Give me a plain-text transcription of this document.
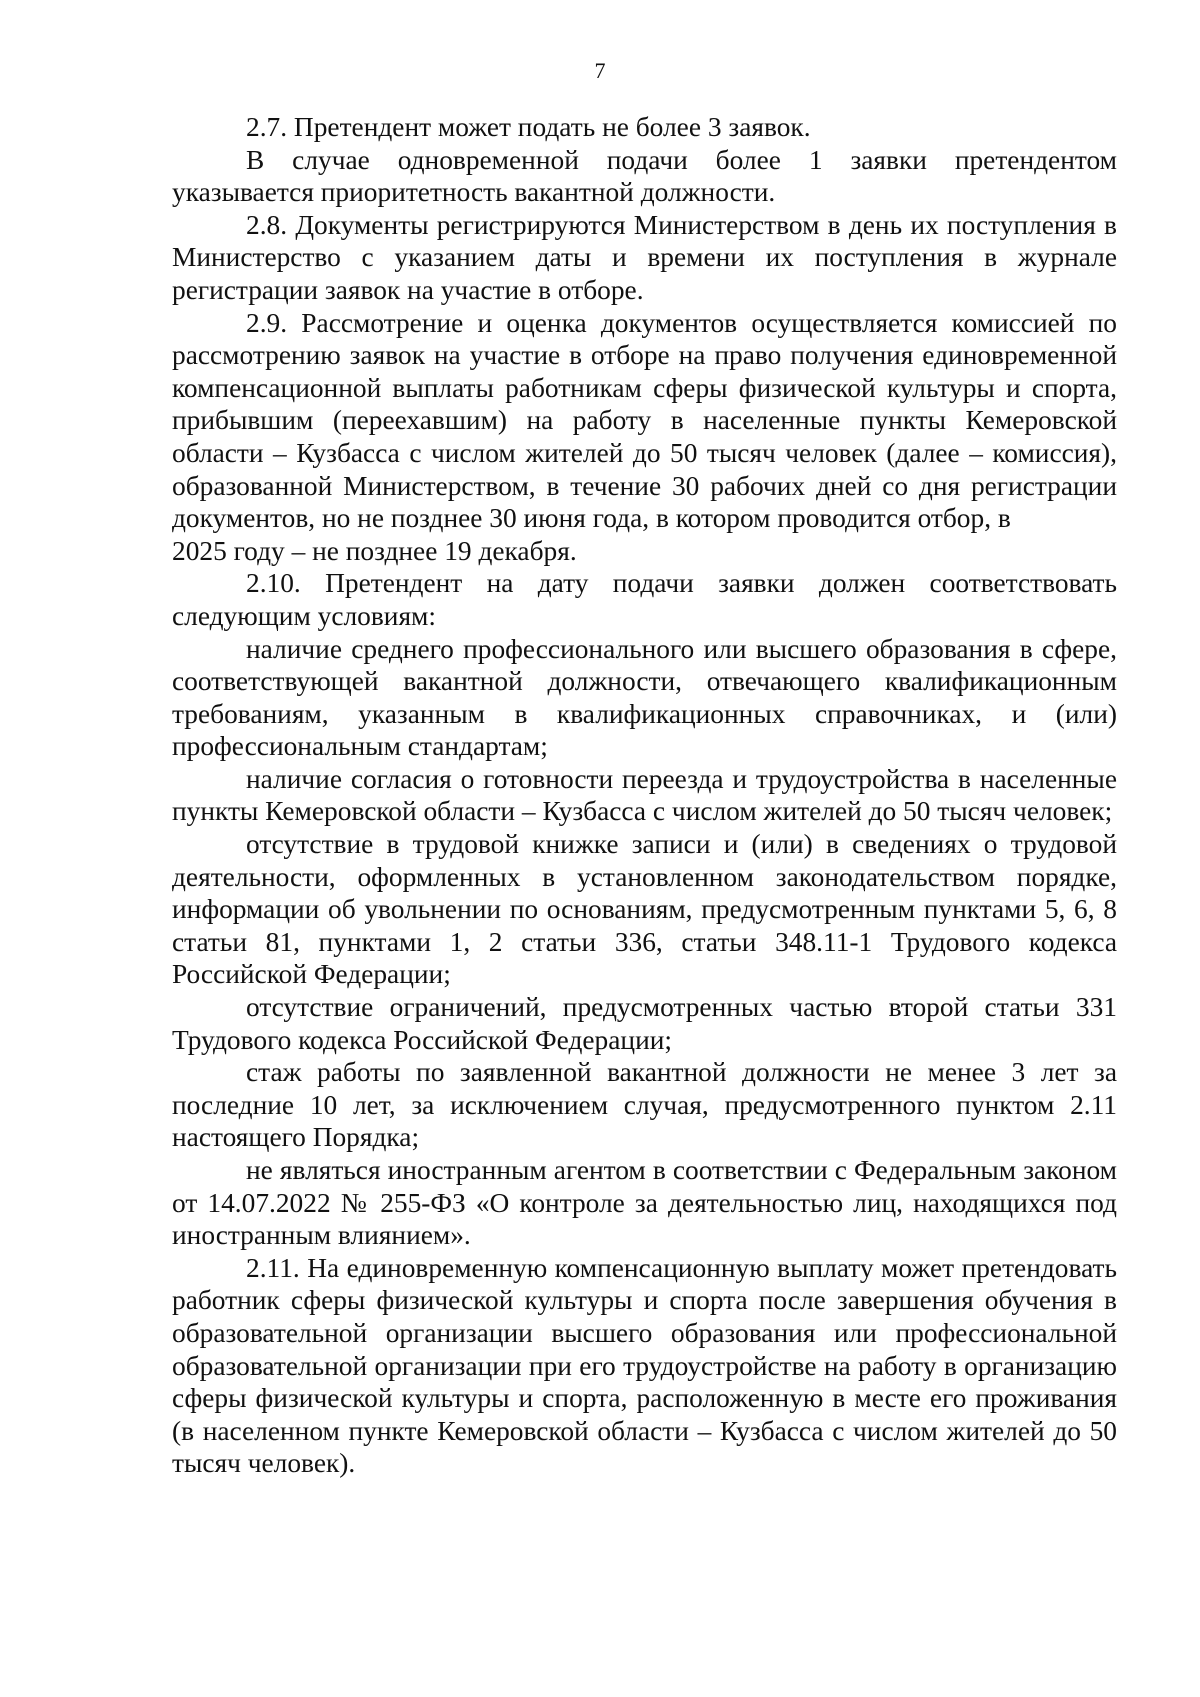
7

2.7. Претендент может подать не более 3 заявок.

В случае одновременной подачи более 1 заявки претендентом указывается приоритетность вакантной должности.

2.8. Документы регистрируются Министерством в день их поступления в Министерство с указанием даты и времени их поступления в журнале регистрации заявок на участие в отборе.

2.9. Рассмотрение и оценка документов осуществляется комиссией по рассмотрению заявок на участие в отборе на право получения единовременной компенсационной выплаты работникам сферы физической культуры и спорта, прибывшим (переехавшим) на работу в населенные пункты Кемеровской области – Кузбасса с числом жителей до 50 тысяч человек (далее – комиссия), образованной Министерством, в течение 30 рабочих дней со дня регистрации документов, но не позднее 30 июня года, в котором проводится отбор, в

2025 году – не позднее 19 декабря.

2.10. Претендент на дату подачи заявки должен соответствовать следующим условиям:

наличие среднего профессионального или высшего образования в сфере, соответствующей вакантной должности, отвечающего квалификационным требованиям, указанным в квалификационных справочниках, и (или) профессиональным стандартам;

наличие согласия о готовности переезда и трудоустройства в населенные пункты Кемеровской области – Кузбасса с числом жителей до 50 тысяч человек;

отсутствие в трудовой книжке записи и (или) в сведениях о трудовой деятельности, оформленных в установленном законодательством порядке, информации об увольнении по основаниям, предусмотренным пунктами 5, 6, 8 статьи 81, пунктами 1, 2 статьи 336, статьи 348.11-1 Трудового кодекса Российской Федерации;

отсутствие ограничений, предусмотренных частью второй статьи 331 Трудового кодекса Российской Федерации;

стаж работы по заявленной вакантной должности не менее 3 лет за последние 10 лет, за исключением случая, предусмотренного пунктом 2.11 настоящего Порядка;

не являться иностранным агентом в соответствии с Федеральным законом от 14.07.2022 № 255-ФЗ «О контроле за деятельностью лиц, находящихся под иностранным влиянием».

2.11. На единовременную компенсационную выплату может претендовать работник сферы физической культуры и спорта после завершения обучения в образовательной организации высшего образования или профессиональной образовательной организации при его трудоустройстве на работу в организацию сферы физической культуры и спорта, расположенную в месте его проживания (в населенном пункте Кемеровской области – Кузбасса с числом жителей до 50 тысяч человек).
